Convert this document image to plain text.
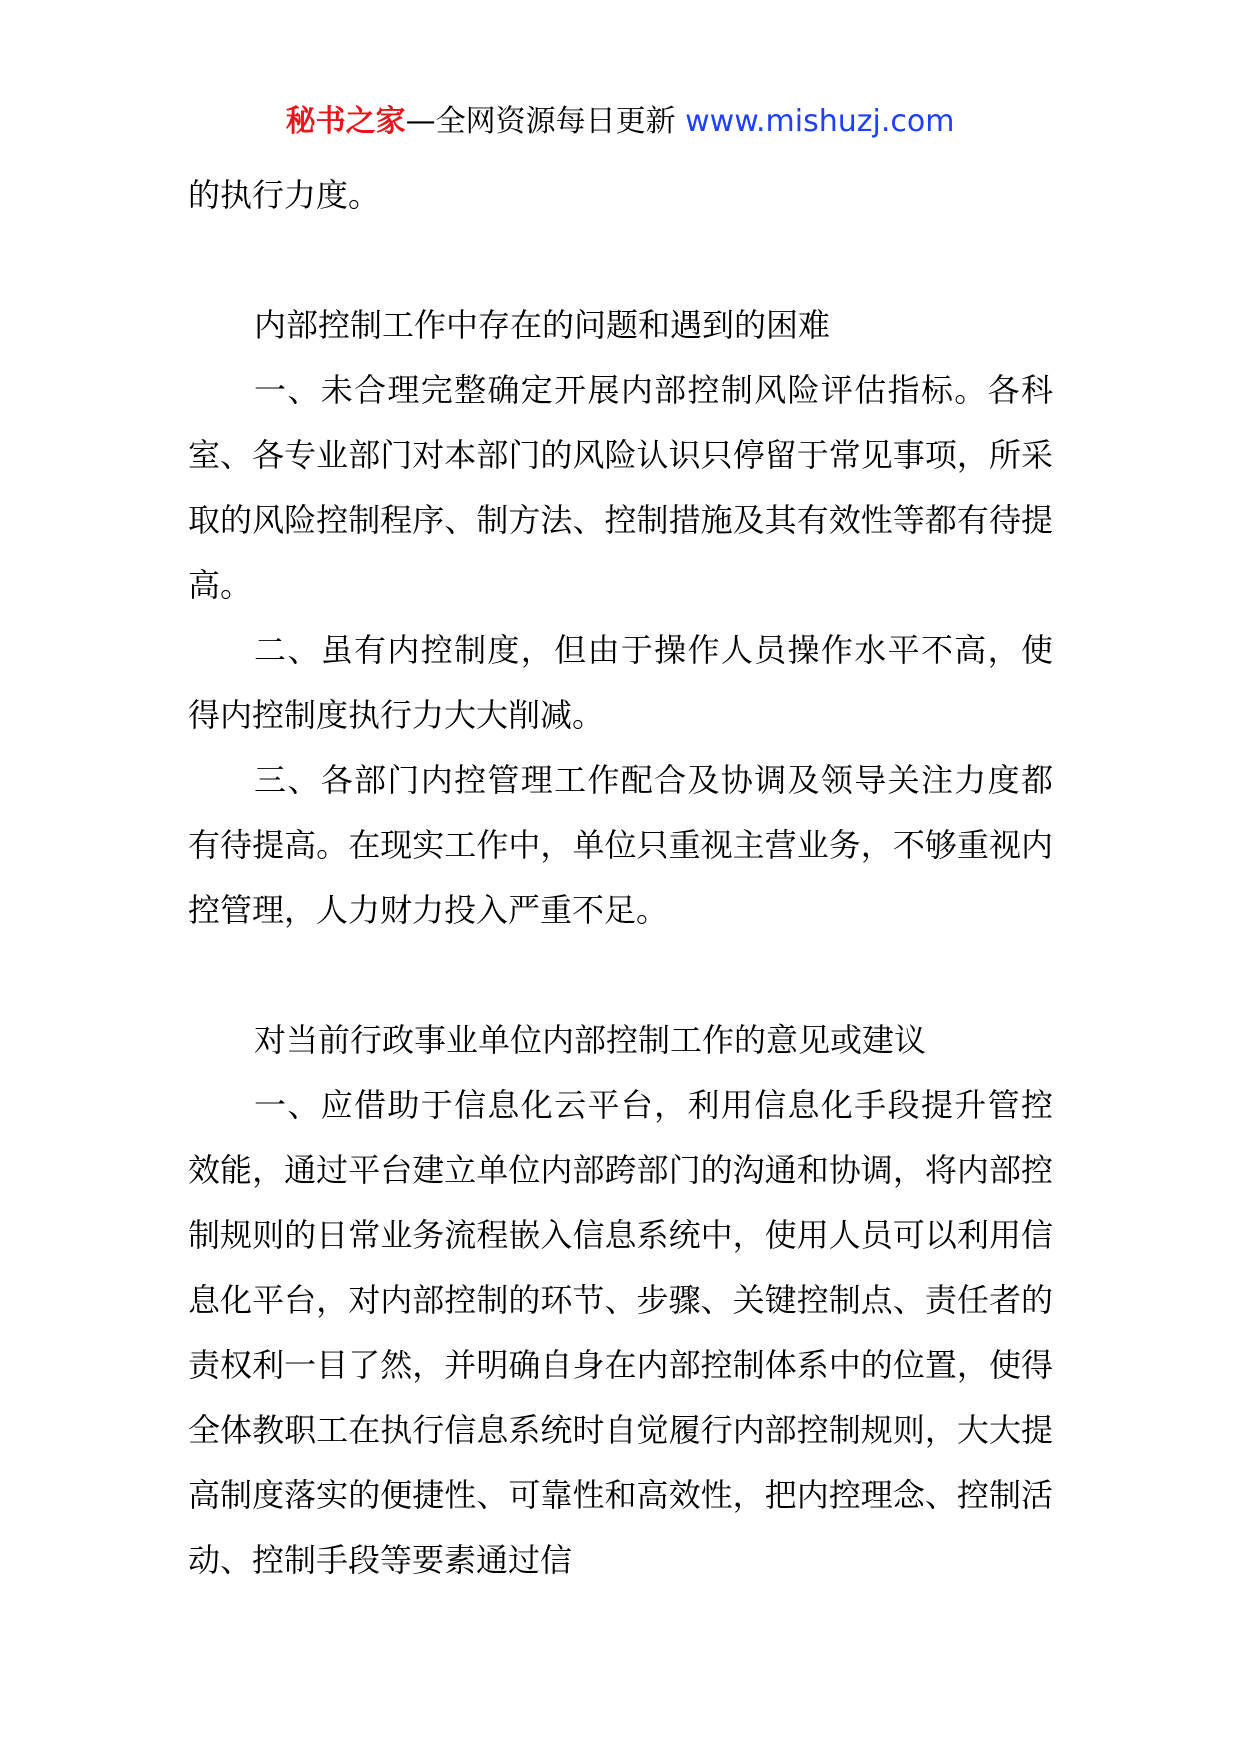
秘书之家—全网资源每日更新 www.mishuzj.com

的执行力度。

内部控制工作中存在的问题和遇到的困难

一、未合理完整确定开展内部控制风险评估指标。各科室、各专业部门对本部门的风险认识只停留于常见事项，所采取的风险控制程序、制方法、控制措施及其有效性等都有待提高。

二、虽有内控制度，但由于操作人员操作水平不高，使得内控制度执行力大大削减。

三、各部门内控管理工作配合及协调及领导关注力度都有待提高。在现实工作中，单位只重视主营业务，不够重视内控管理，人力财力投入严重不足。

对当前行政事业单位内部控制工作的意见或建议

一、应借助于信息化云平台，利用信息化手段提升管控效能，通过平台建立单位内部跨部门的沟通和协调，将内部控制规则的日常业务流程嵌入信息系统中，使用人员可以利用信息化平台，对内部控制的环节、步骤、关键控制点、责任者的责权利一目了然，并明确自身在内部控制体系中的位置，使得全体教职工在执行信息系统时自觉履行内部控制规则，大大提高制度落实的便捷性、可靠性和高效性，把内控理念、控制活动、控制手段等要素通过信
